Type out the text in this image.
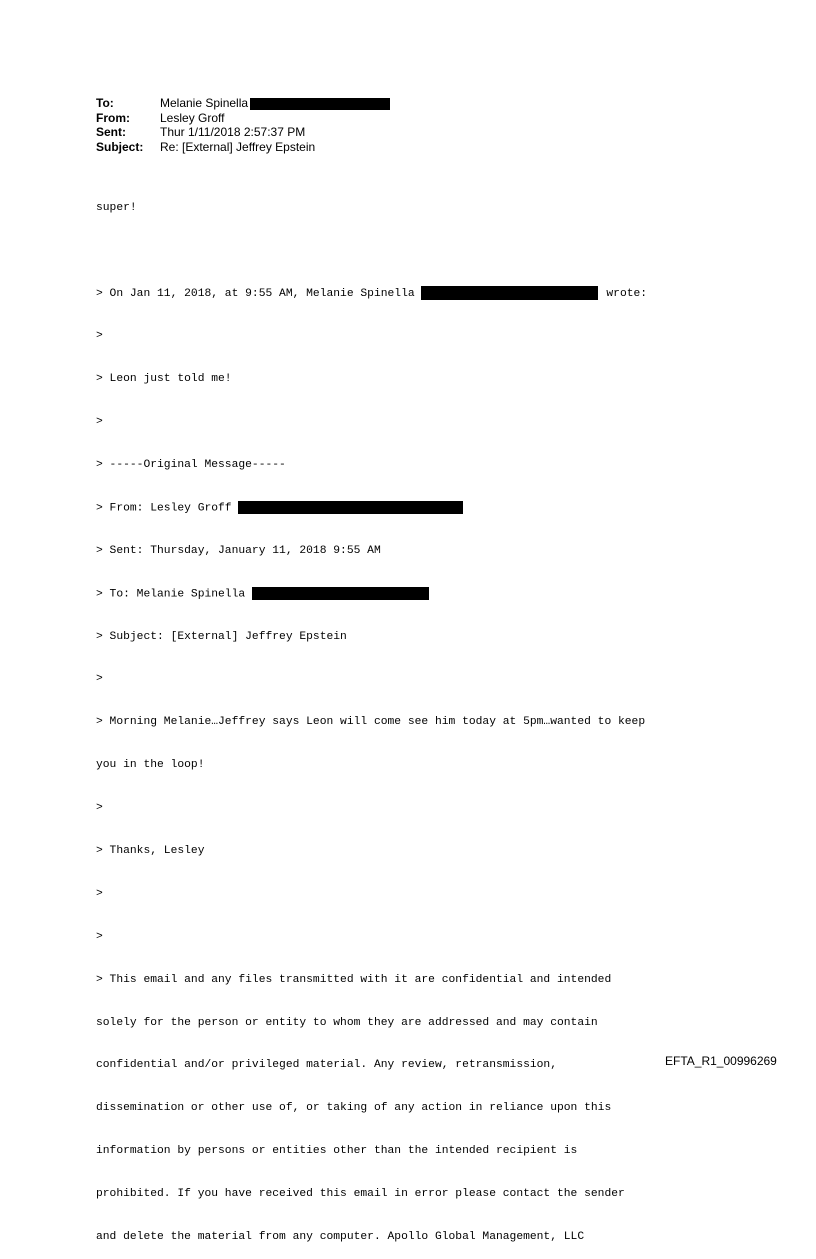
To:	Melanie Spinella
From:	Lesley Groff
Sent:	Thur 1/11/2018 2:57:37 PM
Subject:	Re: [External] Jeffrey Epstein

super!

> On Jan 11, 2018, at 9:55 AM, Melanie Spinella	wrote:

>

> Leon just told me!

>

> -----Original Message-----

> From: Lesley Groff

> Sent: Thursday, January 11, 2018 9:55 AM

> To: Melanie Spinella

> Subject: [External] Jeffrey Epstein

>

> Morning Melanie…Jeffrey says Leon will come see him today at 5pm…wanted to keep

you in the loop!

>

> Thanks, Lesley

>

>

> This email and any files transmitted with it are confidential and intended

solely for the person or entity to whom they are addressed and may contain

confidential and/or privileged material. Any review, retransmission,

dissemination or other use of, or taking of any action in reliance upon this

information by persons or entities other than the intended recipient is

prohibited. If you have received this email in error please contact the sender

and delete the material from any computer. Apollo Global Management, LLC

EFTA_R1_00996269
